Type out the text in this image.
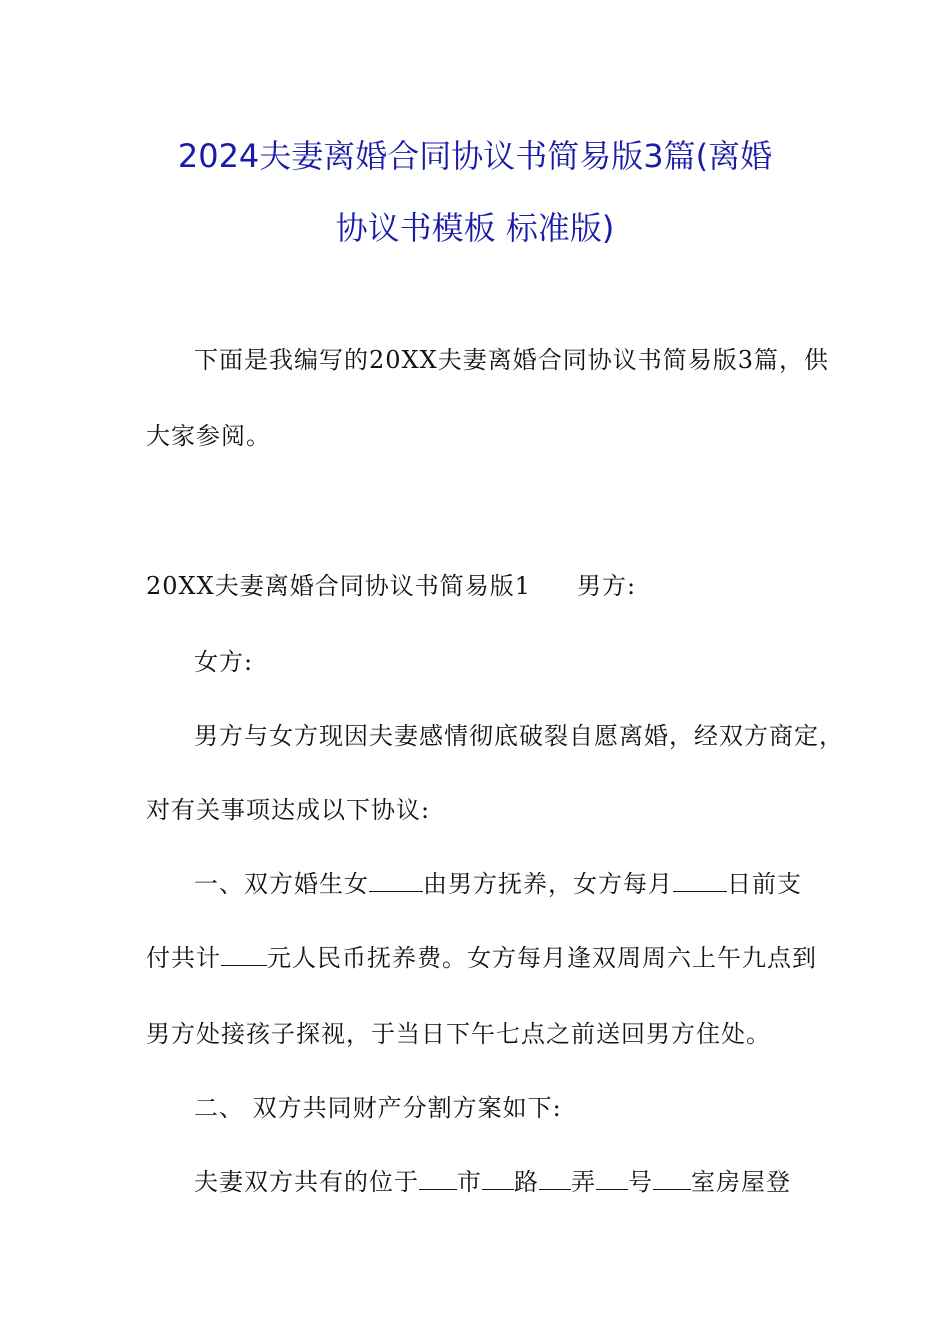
2024夫妻离婚合同协议书简易版3篇(离婚
协议书模板 标准版)
下面是我编写的20XX夫妻离婚合同协议书简易版3篇，供
大家参阅。
20XX夫妻离婚合同协议书简易版1 男方:
女方:
男方与女方现因夫妻感情彻底破裂自愿离婚，经双方商定，
对有关事项达成以下协议:
一、双方婚生女 由男方抚养，女方每月 日前支
付共计 元人民币抚养费。女方每月逢双周周六上午九点到
男方处接孩子探视，于当日下午七点之前送回男方住处。
二、 双方共同财产分割方案如下:
夫妻双方共有的位于 市 路 弄 号 室房屋登
